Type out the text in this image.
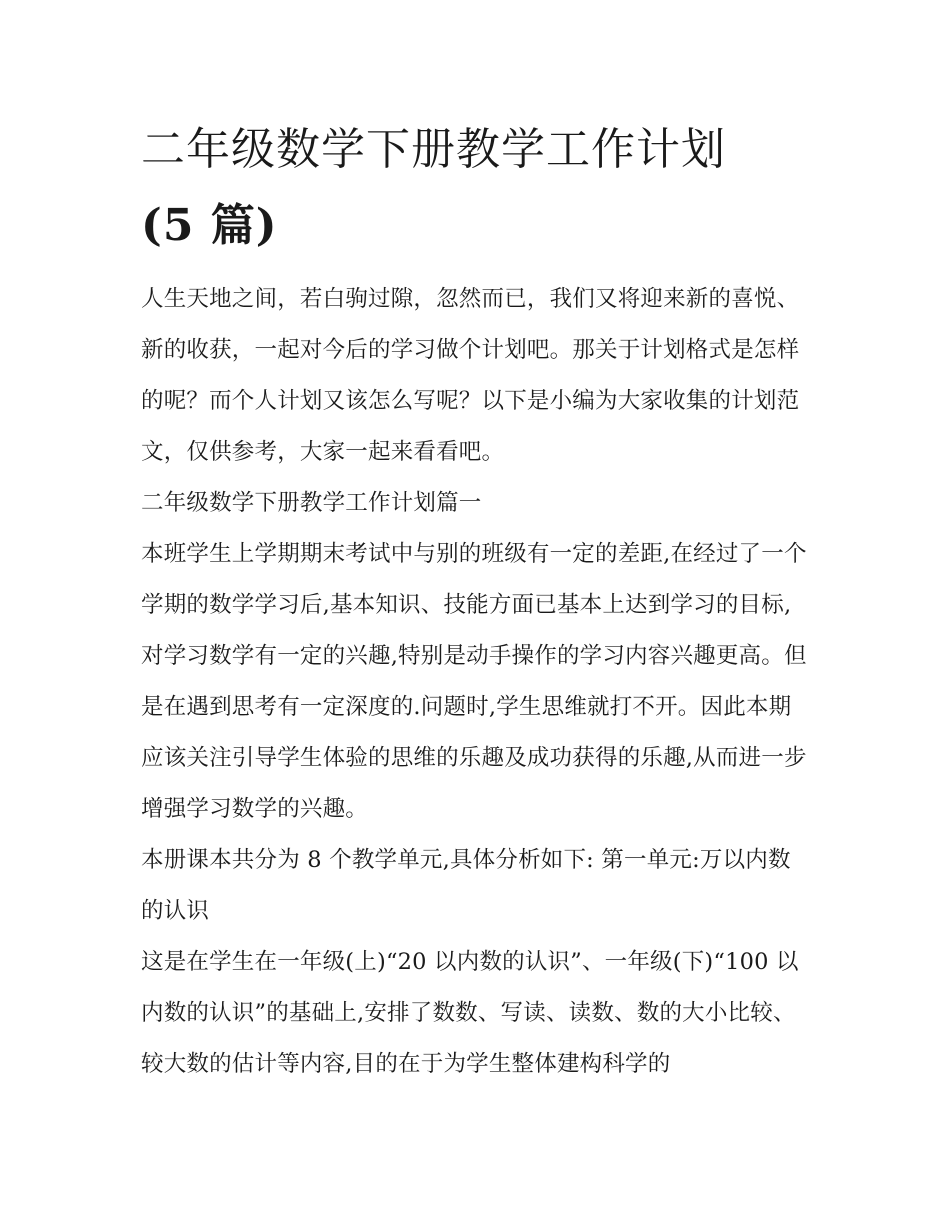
二年级数学下册教学工作计划
(5 篇)

人生天地之间，若白驹过隙，忽然而已，我们又将迎来新的喜悦、新的收获，一起对今后的学习做个计划吧。那关于计划格式是怎样的呢？而个人计划又该怎么写呢？以下是小编为大家收集的计划范文，仅供参考，大家一起来看看吧。

二年级数学下册教学工作计划篇一

本班学生上学期期末考试中与别的班级有一定的差距,在经过了一个学期的数学学习后,基本知识、技能方面已基本上达到学习的目标,对学习数学有一定的兴趣,特别是动手操作的学习内容兴趣更高。但是在遇到思考有一定深度的.问题时,学生思维就打不开。因此本期应该关注引导学生体验的思维的乐趣及成功获得的乐趣,从而进一步增强学习数学的兴趣。

本册课本共分为 8 个教学单元,具体分析如下: 第一单元:万以内数的认识

这是在学生在一年级(上)“20 以内数的认识”、一年级(下)“100 以内数的认识”的基础上,安排了数数、写读、读数、数的大小比较、较大数的估计等内容,目的在于为学生整体建构科学的
